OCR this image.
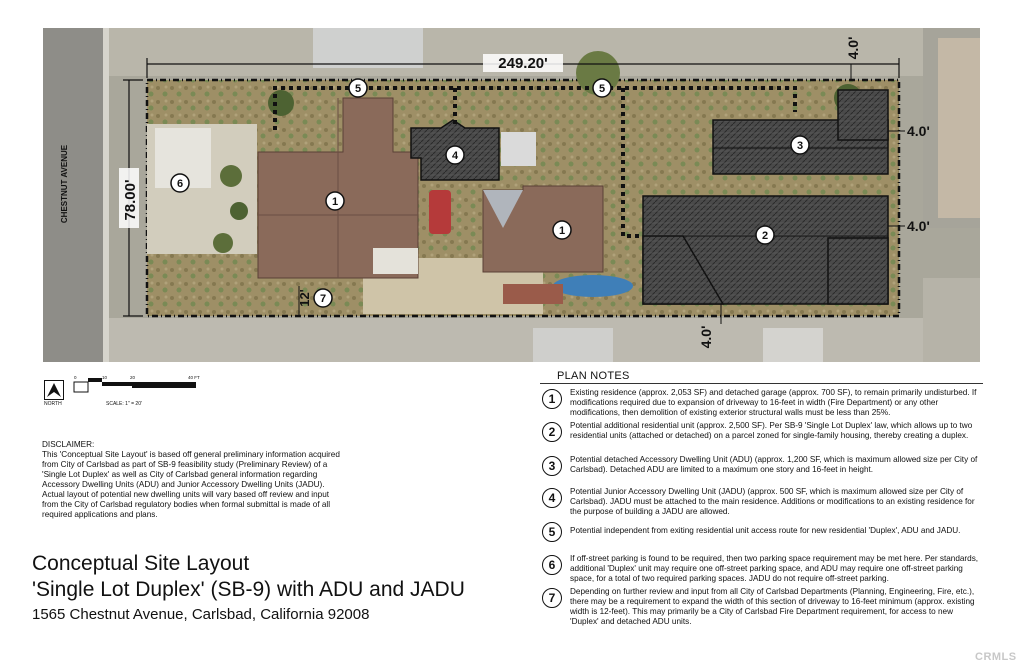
249.20'
78.00'
CHESTNUT AVENUE
4.0'
4.0'
4.0'
4.0'
12'
1
1	2
3
4
5	5
6
7
NORTH
0	10	20	40 FT
SCALE: 1" = 20'
PLAN NOTES
1	Existing residence (approx. 2,053 SF) and detached garage (approx. 700 SF), to remain primarily undisturbed. If modifications required due to expansion of driveway to 16-feet in width (Fire Department) or any other modifications, then demolition of existing exterior structural walls must be less than 25%.
2	Potential additional residential unit (approx. 2,500 SF). Per SB-9 'Single Lot Duplex' law, which allows up to two residential units (attached or detached) on a parcel zoned for single-family housing, thereby creating a duplex.
3	Potential detached Accessory Dwelling Unit (ADU) (approx. 1,200 SF, which is maximum allowed size per City of Carlsbad). Detached ADU are limited to a maximum one story and 16-feet in height.
4	Potential Junior Accessory Dwelling Unit (JADU) (approx. 500 SF, which is maximum allowed size per City of Carlsbad). JADU must be attached to the main residence. Additions or modifications to an existing residence for the purpose of building a JADU are allowed.
5	Potential independent from exiting residential unit access route for new residential 'Duplex', ADU and JADU.
6	If off-street parking is found to be required, then two parking space requirement may be met here. Per standards, additional 'Duplex' unit may require one off-street parking space, and ADU may require one off-street parking space, for a total of two required parking spaces. JADU do not require off-street parking.
7	Depending on further review and input from all City of Carlsbad Departments (Planning, Engineering, Fire, etc.), there may be a requirement to expand the width of this section of driveway to 16-feet minimum (approx. existing width is 12-feet). This may primarily be a City of Carlsbad Fire Department requirement, for access to new 'Duplex' and detached ADU units.
DISCLAIMER:
This 'Conceptual Site Layout' is based off general preliminary information acquired from City of Carlsbad as part of SB-9 feasibility study (Preliminary Review) of a 'Single Lot Duplex' as well as City of Carlsbad general information regarding Accessory Dwelling Units (ADU) and Junior Accessory Dwelling Units (JADU). Actual layout of potential new dwelling units will vary based off review and input from the City of Carlsbad regulatory bodies when formal submittal is made of all required applications and plans.
Conceptual Site Layout
'Single Lot Duplex' (SB-9) with ADU and JADU
1565 Chestnut Avenue, Carlsbad, California 92008
CRMLS
